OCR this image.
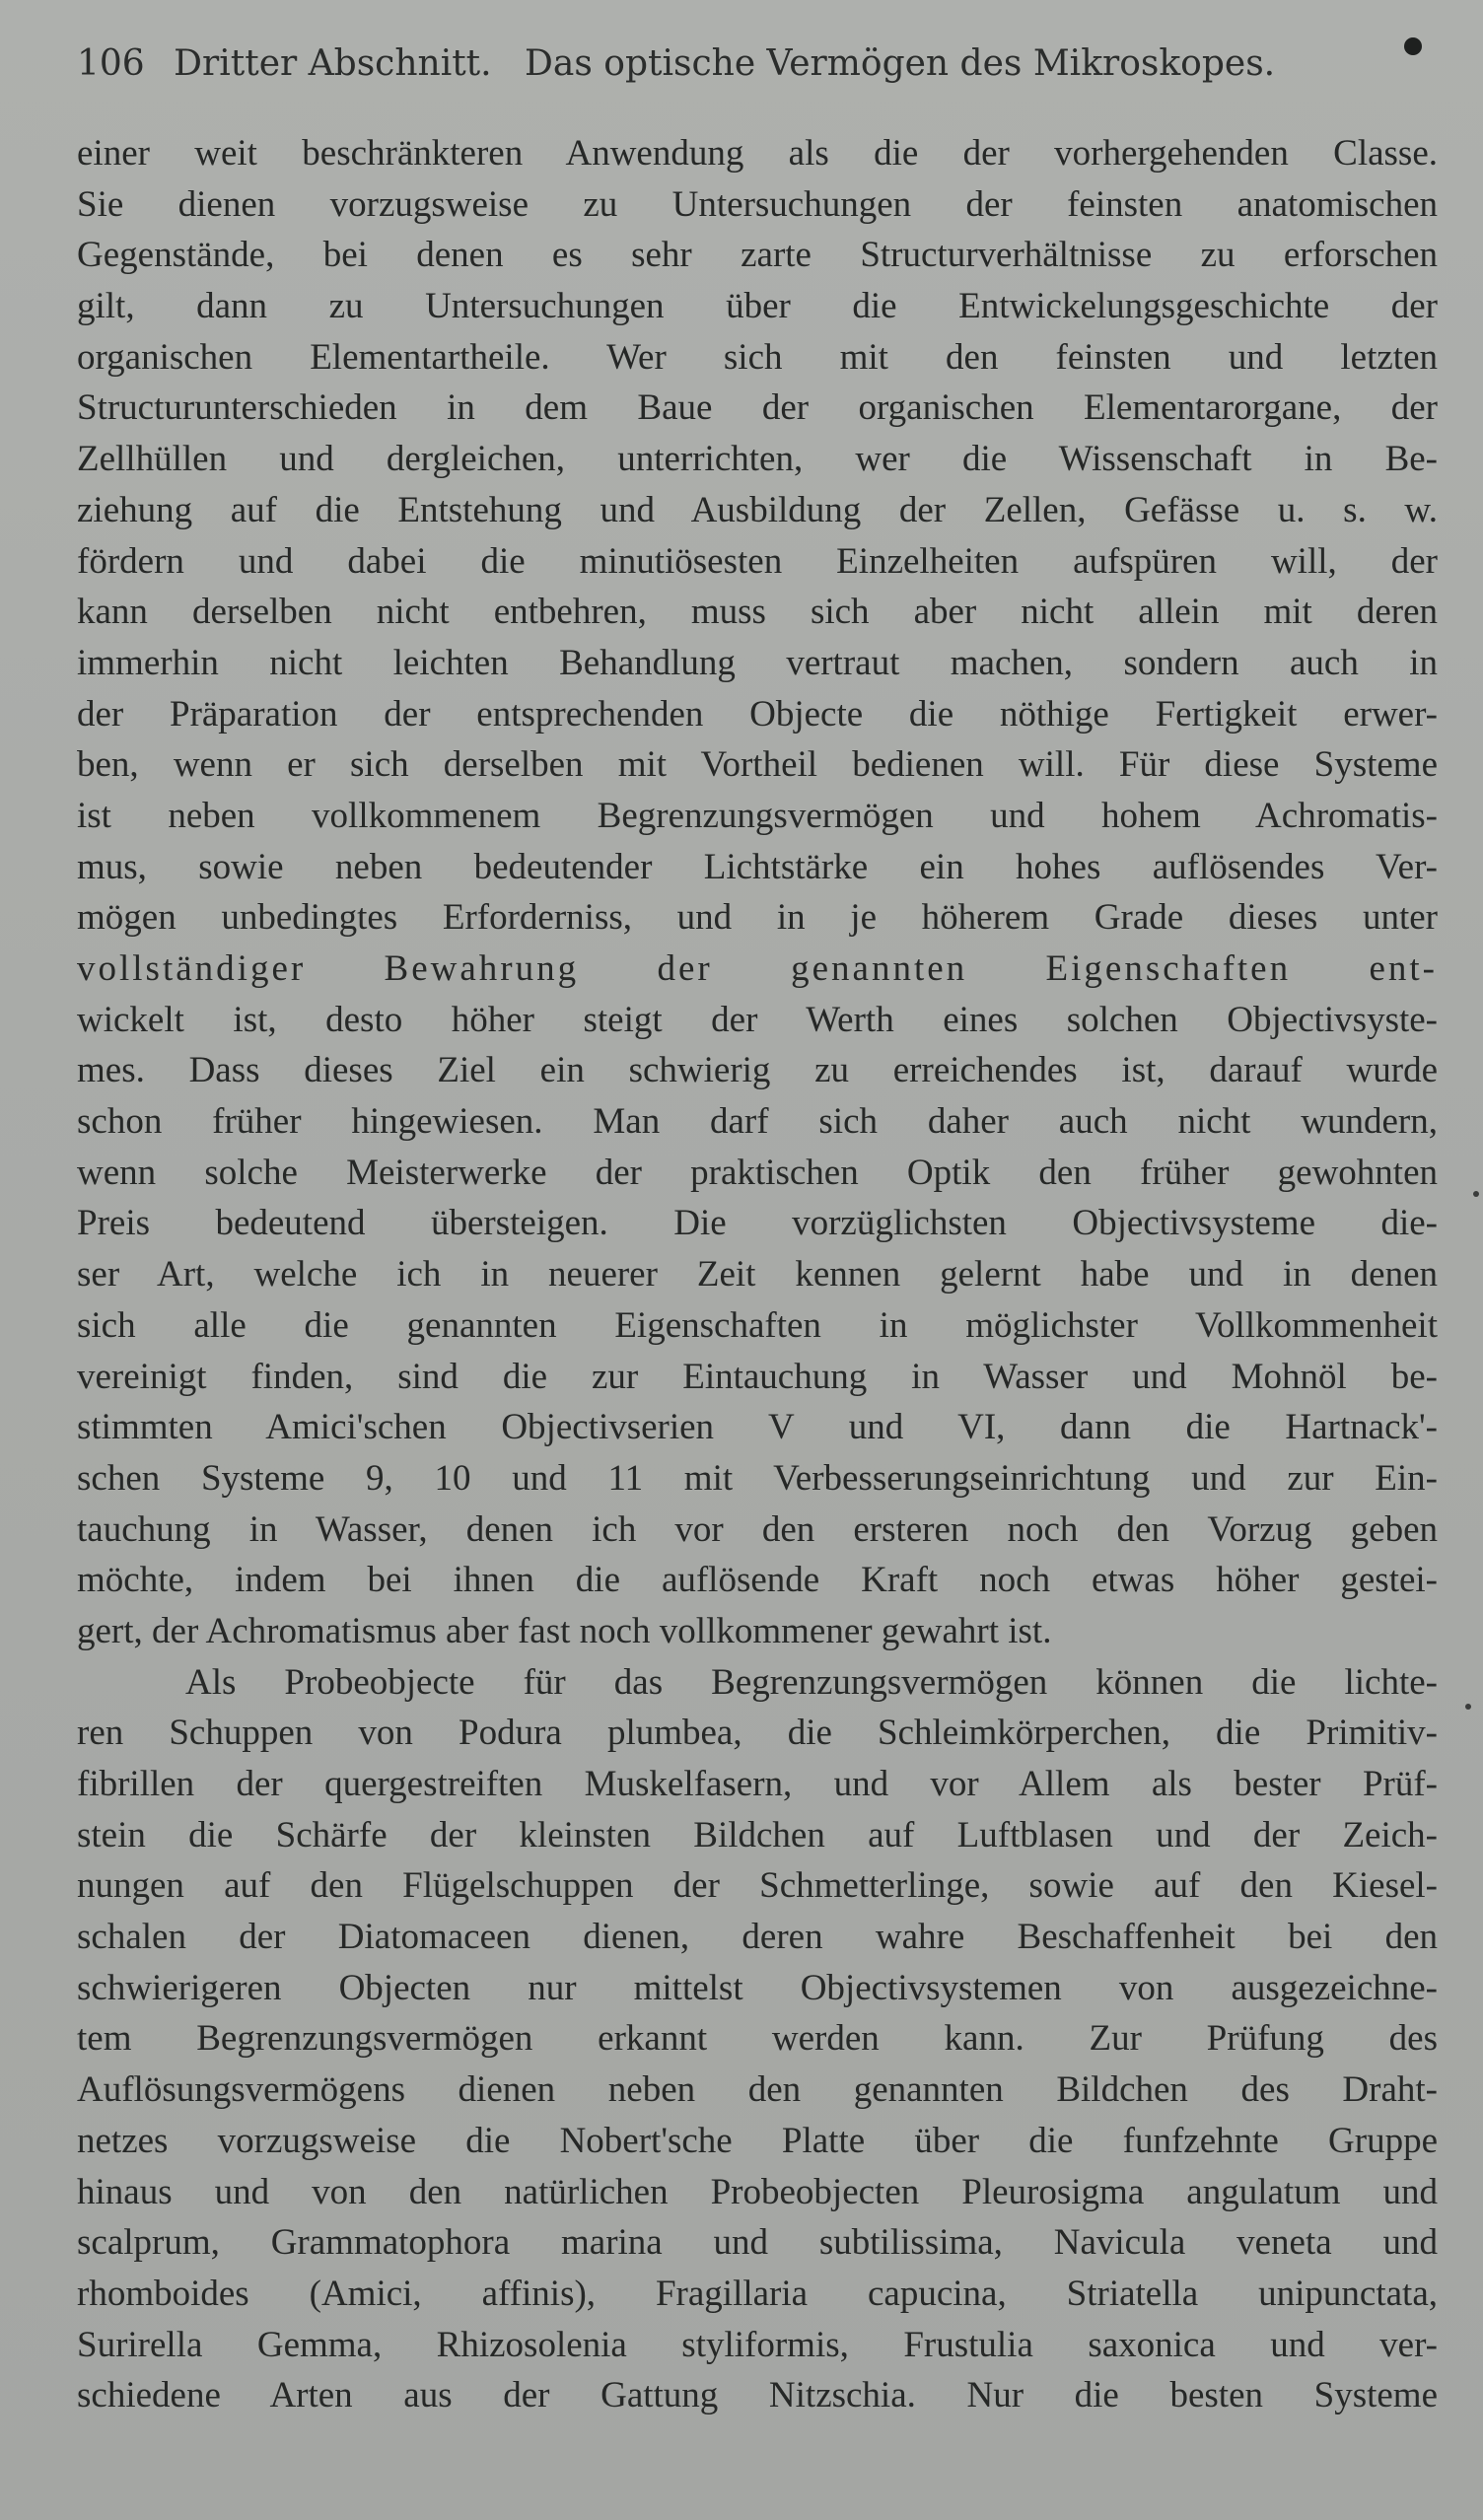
106 Dritter Abschnitt. Das optische Vermögen des Mikroskopes.
einer weit beschränkteren Anwendung als die der vorhergehenden Classe.
Sie dienen vorzugsweise zu Untersuchungen der feinsten anatomischen
Gegenstände, bei denen es sehr zarte Structurverhältnisse zu erforschen
gilt, dann zu Untersuchungen über die Entwickelungsgeschichte der
organischen Elementartheile. Wer sich mit den feinsten und letzten
Structurunterschieden in dem Baue der organischen Elementarorgane, der
Zellhüllen und dergleichen, unterrichten, wer die Wissenschaft in Be-
ziehung auf die Entstehung und Ausbildung der Zellen, Gefässe u. s. w.
fördern und dabei die minutiösesten Einzelheiten aufspüren will, der
kann derselben nicht entbehren, muss sich aber nicht allein mit deren
immerhin nicht leichten Behandlung vertraut machen, sondern auch in
der Präparation der entsprechenden Objecte die nöthige Fertigkeit erwer-
ben, wenn er sich derselben mit Vortheil bedienen will. Für diese Systeme
ist neben vollkommenem Begrenzungsvermögen und hohem Achromatis-
mus, sowie neben bedeutender Lichtstärke ein hohes auflösendes Ver-
mögen unbedingtes Erforderniss, und in je höherem Grade dieses unter
vollständiger Bewahrung der genannten Eigenschaften ent-
wickelt ist, desto höher steigt der Werth eines solchen Objectivsyste-
mes. Dass dieses Ziel ein schwierig zu erreichendes ist, darauf wurde
schon früher hingewiesen. Man darf sich daher auch nicht wundern,
wenn solche Meisterwerke der praktischen Optik den früher gewohnten
Preis bedeutend übersteigen. Die vorzüglichsten Objectivsysteme die-
ser Art, welche ich in neuerer Zeit kennen gelernt habe und in denen
sich alle die genannten Eigenschaften in möglichster Vollkommenheit
vereinigt finden, sind die zur Eintauchung in Wasser und Mohnöl be-
stimmten Amici'schen Objectivserien V und VI, dann die Hartnack'-
schen Systeme 9, 10 und 11 mit Verbesserungseinrichtung und zur Ein-
tauchung in Wasser, denen ich vor den ersteren noch den Vorzug geben
möchte, indem bei ihnen die auflösende Kraft noch etwas höher gestei-
gert, der Achromatismus aber fast noch vollkommener gewahrt ist.
Als Probeobjecte für das Begrenzungsvermögen können die lichte-
ren Schuppen von Podura plumbea, die Schleimkörperchen, die Primitiv-
fibrillen der quergestreiften Muskelfasern, und vor Allem als bester Prüf-
stein die Schärfe der kleinsten Bildchen auf Luftblasen und der Zeich-
nungen auf den Flügelschuppen der Schmetterlinge, sowie auf den Kiesel-
schalen der Diatomaceen dienen, deren wahre Beschaffenheit bei den
schwierigeren Objecten nur mittelst Objectivsystemen von ausgezeichne-
tem Begrenzungsvermögen erkannt werden kann. Zur Prüfung des
Auflösungsvermögens dienen neben den genannten Bildchen des Draht-
netzes vorzugsweise die Nobert'sche Platte über die funfzehnte Gruppe
hinaus und von den natürlichen Probeobjecten Pleurosigma angulatum und
scalprum, Grammatophora marina und subtilissima, Navicula veneta und
rhomboides (Amici, affinis), Fragillaria capucina, Striatella unipunctata,
Surirella Gemma, Rhizosolenia styliformis, Frustulia saxonica und ver-
schiedene Arten aus der Gattung Nitzschia. Nur die besten Systeme
